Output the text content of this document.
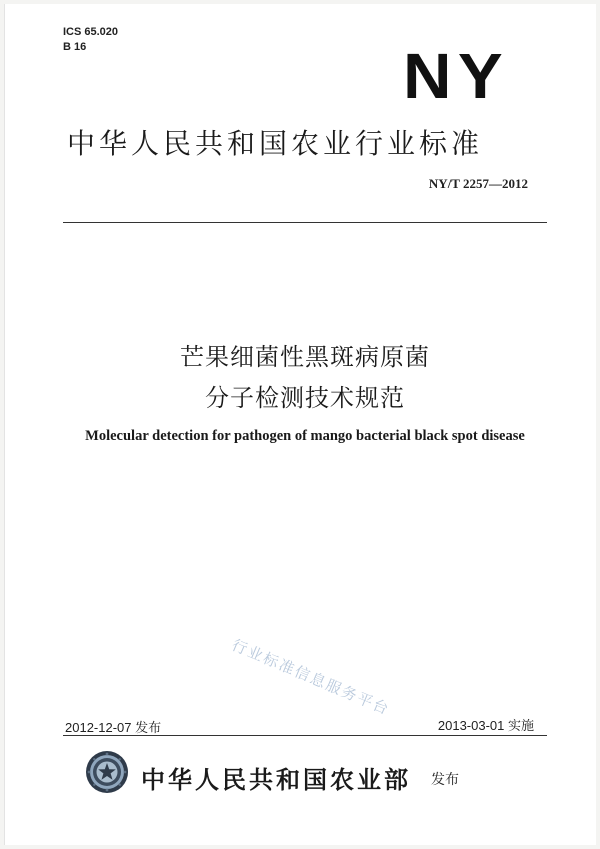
ICS 65.020
B 16	NY
中华人民共和国农业行业标准
NY/T 2257—2012
芒果细菌性黑斑病原菌
分子检测技术规范
Molecular detection for pathogen of mango bacterial black spot disease
行业标准信息服务平台
2012-12-07 发布	2013-03-01 实施
中华人民共和国农业部 发布
